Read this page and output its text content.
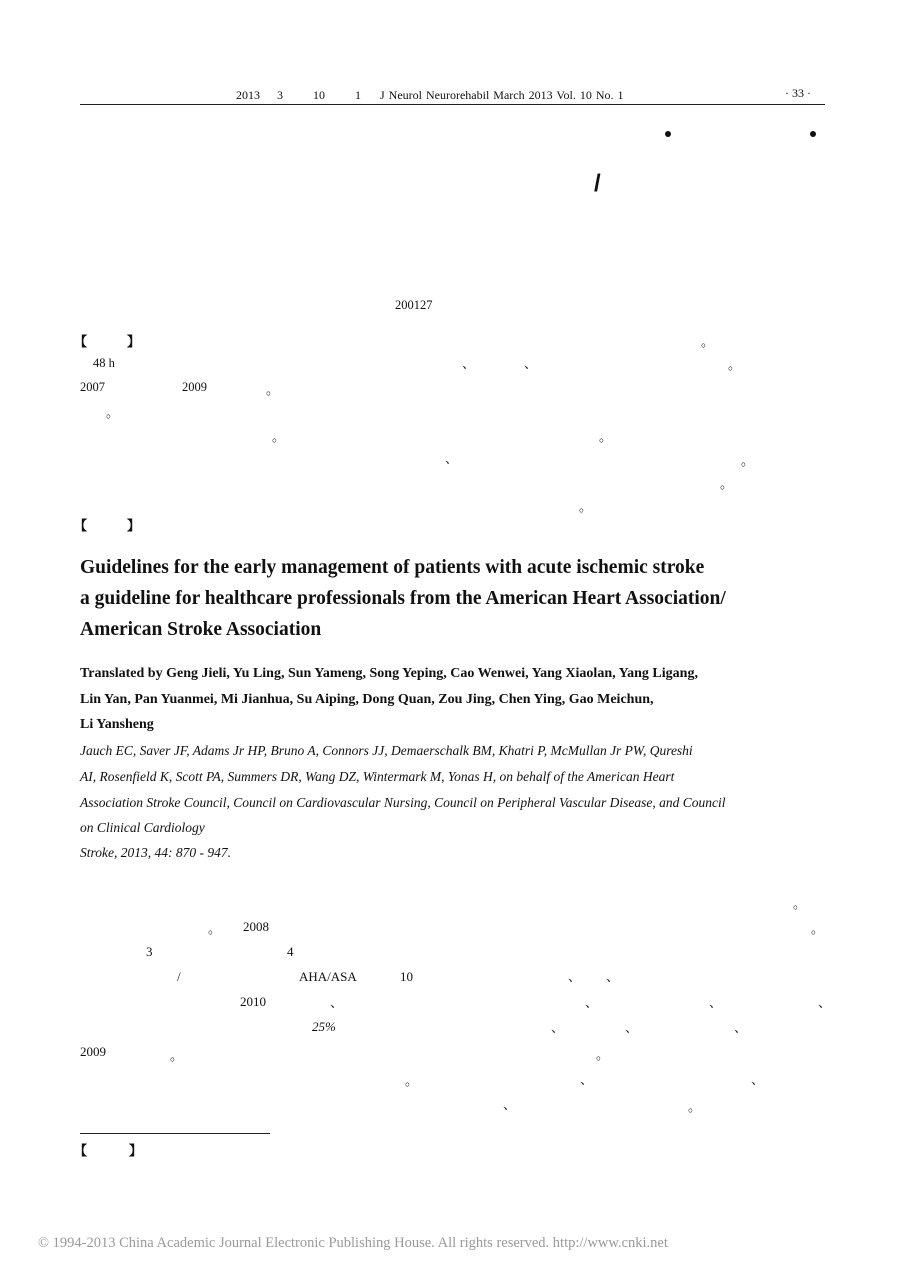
2013 3	10	1 J Neurol Neurorehabil March 2013 Vol. 10 No. 1	· 33 ·
/
200127
【	】	。
48 h	、	、	。
2007	2009	。
。
。	。
、	。
。
。
【	】
Guidelines for the early management of patients with acute ischemic stroke
a guideline for healthcare professionals from the American Heart Association/
American Stroke Association
Translated by Geng Jieli, Yu Ling, Sun Yameng, Song Yeping, Cao Wenwei, Yang Xiaolan, Yang Ligang,
Lin Yan, Pan Yuanmei, Mi Jianhua, Su Aiping, Dong Quan, Zou Jing, Chen Ying, Gao Meichun,
Li Yansheng
Jauch EC, Saver JF, Adams Jr HP, Bruno A, Connors JJ, Demaerschalk BM, Khatri P, McMullan Jr PW, Qureshi
AI, Rosenfield K, Scott PA, Summers DR, Wang DZ, Wintermark M, Yonas H, on behalf of the American Heart
Association Stroke Council, Council on Cardiovascular Nursing, Council on Peripheral Vascular Disease, and Council
on Clinical Cardiology
Stroke, 2013, 44: 870 - 947.
。
。 2008	。
3	4
/	AHA/ASA	10	、 、
2010	、	、	、	、
25%	、	、	、
2009	。	。
。	、	、
、	。
【	】
© 1994-2013 China Academic Journal Electronic Publishing House. All rights reserved. http://www.cnki.net
